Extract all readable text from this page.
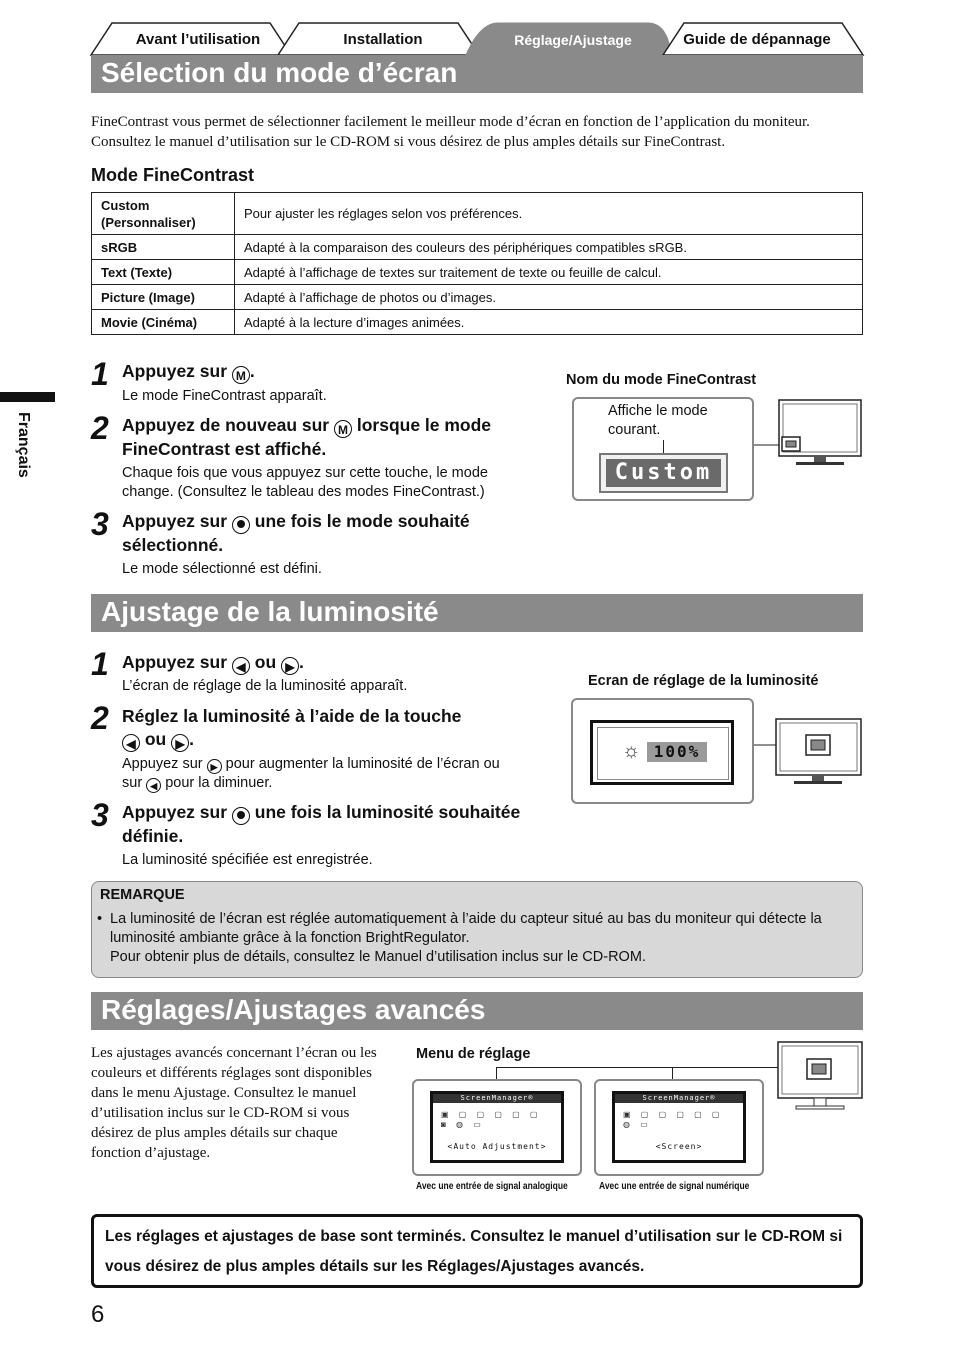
Avant l’utilisation	Installation	Réglage/Ajustage	Guide de dépannage
Français
Sélection du mode d’écran
FineContrast vous permet de sélectionner facilement le meilleur mode d’écran en fonction de l’application du moniteur. Consultez le manuel d’utilisation sur le CD-ROM si vous désirez de plus amples détails sur FineContrast.
Mode FineContrast
Custom (Personnaliser)	Pour ajuster les réglages selon vos préférences.
sRGB	Adapté à la comparaison des couleurs des périphériques compatibles sRGB.
Text (Texte)	Adapté à l’affichage de textes sur traitement de texte ou feuille de calcul.
Picture (Image)	Adapté à l’affichage de photos ou d’images.
Movie (Cinéma)	Adapté à la lecture d’images animées.
1 Appuyez sur M .
Le mode FineContrast apparaît.
2 Appuyez de nouveau sur M lorsque le mode FineContrast est affiché.
Chaque fois que vous appuyez sur cette touche, le mode change. (Consultez le tableau des modes FineContrast.)
3 Appuyez sur  une fois le mode souhaité sélectionné.
Le mode sélectionné est défini.
Nom du mode FineContrast
Affiche le mode courant.
Custom
Ajustage de la luminosité
1 Appuyez sur ◀ ou ▶ .
L’écran de réglage de la luminosité apparaît.
2 Réglez la luminosité à l’aide de la touche
◀ ou ▶ .
Appuyez sur ▶ pour augmenter la luminosité de l’écran ou sur ◀ pour la diminuer.
3 Appuyez sur  une fois la luminosité souhaitée définie.
La luminosité spécifiée est enregistrée.
Ecran de réglage de la luminosité
☼ 100%
REMARQUE
• La luminosité de l’écran est réglée automatiquement à l’aide du capteur situé au bas du moniteur qui détecte la luminosité ambiante grâce à la fonction BrightRegulator.
Pour obtenir plus de détails, consultez le Manuel d’utilisation inclus sur le CD-ROM.
Réglages/Ajustages avancés
Les ajustages avancés concernant l’écran ou les couleurs et différents réglages sont disponibles dans le menu Ajustage. Consultez le manuel d’utilisation inclus sur le CD-ROM si vous désirez de plus amples détails sur chaque fonction d’ajustage.
Menu de réglage
ScreenManager®
▣ ▢ ▢ ▢ ▢ ▢
◙ ◍ ▭
<Auto Adjustment>
Avec une entrée de signal analogique
ScreenManager®
▣ ▢ ▢ ▢ ▢ ▢
◍ ▭
<Screen>
Avec une entrée de signal numérique
Les réglages et ajustages de base sont terminés. Consultez le manuel d’utilisation sur le CD-ROM si vous désirez de plus amples détails sur les Réglages/Ajustages avancés.
6
